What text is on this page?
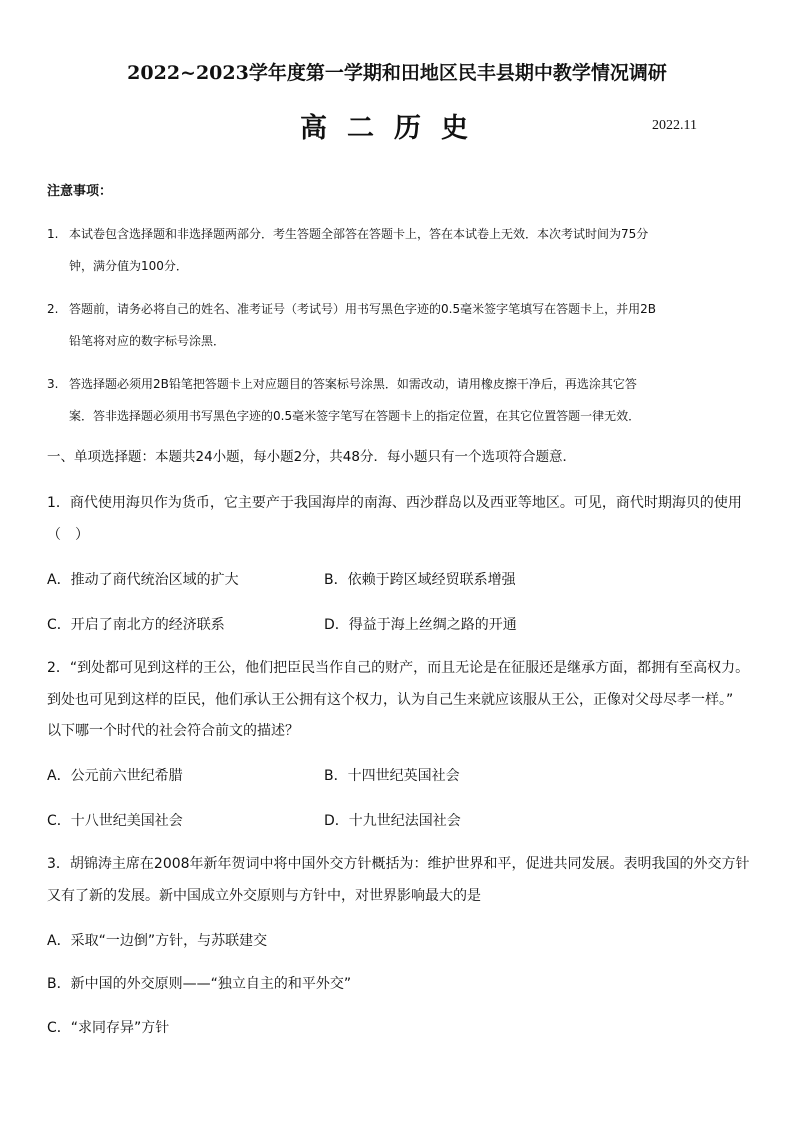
2022~2023学年度第一学期和田地区民丰县期中教学情况调研
高二历史	2022.11
注意事项：
1. 本试卷包含选择题和非选择题两部分．考生答题全部答在答题卡上，答在本试卷上无效．本次考试时间为75分
钟，满分值为100分．
2. 答题前，请务必将自己的姓名、准考证号（考试号）用书写黑色字迹的0.5毫米签字笔填写在答题卡上，并用2B
铅笔将对应的数字标号涂黑．
3. 答选择题必须用2B铅笔把答题卡上对应题目的答案标号涂黑．如需改动，请用橡皮擦干净后，再选涂其它答
案．答非选择题必须用书写黑色字迹的0.5毫米签字笔写在答题卡上的指定位置，在其它位置答题一律无效．
一、单项选择题：本题共24小题，每小题2分，共48分．每小题只有一个选项符合题意．
1．商代使用海贝作为货币，它主要产于我国海岸的南海、西沙群岛以及西亚等地区。可见，商代时期海贝的使用
（　）
A．推动了商代统治区域的扩大	B．依赖于跨区域经贸联系增强
C．开启了南北方的经济联系	D．得益于海上丝绸之路的开通
2．“到处都可见到这样的王公，他们把臣民当作自己的财产，而且无论是在征服还是继承方面，都拥有至高权力。
到处也可见到这样的臣民，他们承认王公拥有这个权力，认为自己生来就应该服从王公，正像对父母尽孝一样。”
以下哪一个时代的社会符合前文的描述？
A．公元前六世纪希腊	B．十四世纪英国社会
C．十八世纪美国社会	D．十九世纪法国社会
3．胡锦涛主席在2008年新年贺词中将中国外交方针概括为：维护世界和平，促进共同发展。表明我国的外交方针
又有了新的发展。新中国成立外交原则与方针中，对世界影响最大的是
A．采取“一边倒”方针，与苏联建交
B．新中国的外交原则——“独立自主的和平外交”
C．“求同存异”方针
